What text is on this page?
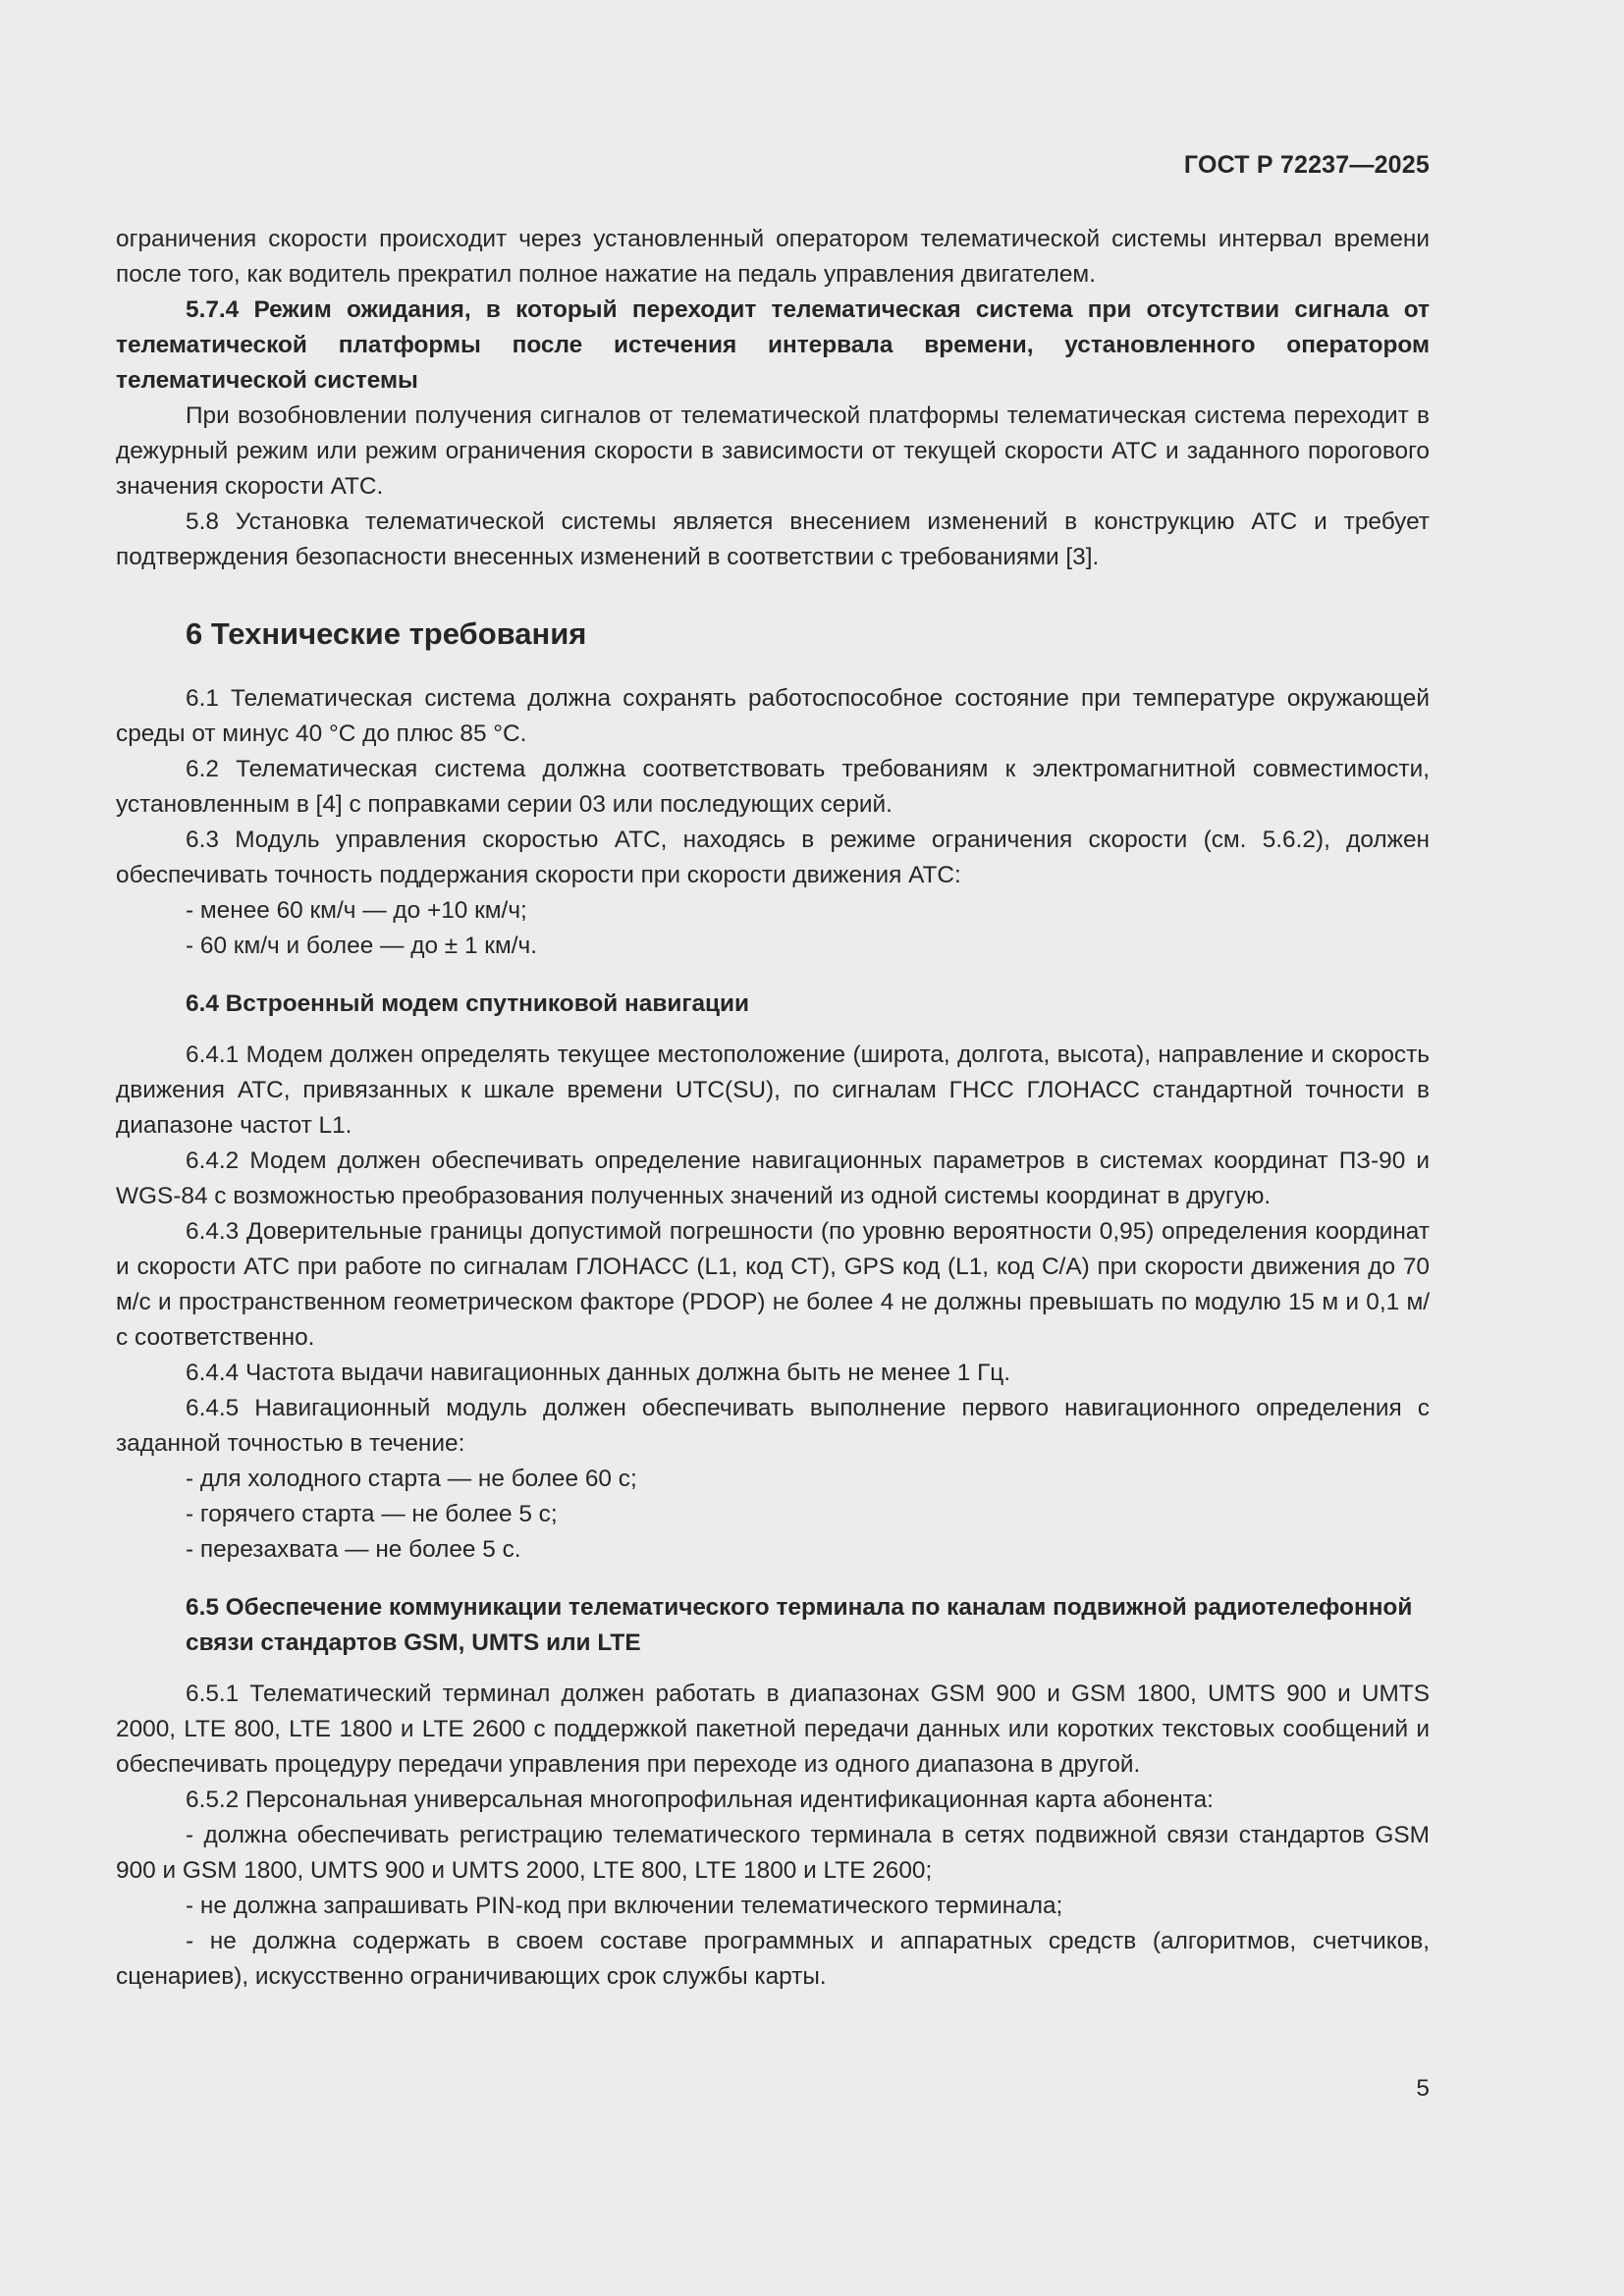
ГОСТ Р 72237—2025

ограничения скорости происходит через установленный оператором телематической системы интервал времени после того, как водитель прекратил полное нажатие на педаль управления двигателем.

5.7.4 Режим ожидания, в который переходит телематическая система при отсутствии сигнала от телематической платформы после истечения интервала времени, установленного оператором телематической системы

При возобновлении получения сигналов от телематической платформы телематическая система переходит в дежурный режим или режим ограничения скорости в зависимости от текущей скорости АТС и заданного порогового значения скорости АТС.

5.8 Установка телематической системы является внесением изменений в конструкцию АТС и требует подтверждения безопасности внесенных изменений в соответствии с требованиями [3].

6 Технические требования

6.1 Телематическая система должна сохранять работоспособное состояние при температуре окружающей среды от минус 40 °С до плюс 85 °С.

6.2 Телематическая система должна соответствовать требованиям к электромагнитной совместимости, установленным в [4] с поправками серии 03 или последующих серий.

6.3 Модуль управления скоростью АТС, находясь в режиме ограничения скорости (см. 5.6.2), должен обеспечивать точность поддержания скорости при скорости движения АТС:

- менее 60 км/ч — до +10 км/ч;

- 60 км/ч и более — до ± 1 км/ч.

6.4 Встроенный модем спутниковой навигации

6.4.1 Модем должен определять текущее местоположение (широта, долгота, высота), направление и скорость движения АТС, привязанных к шкале времени UTC(SU), по сигналам ГНСС ГЛОНАСС стандартной точности в диапазоне частот L1.

6.4.2 Модем должен обеспечивать определение навигационных параметров в системах координат ПЗ-90 и WGS-84 с возможностью преобразования полученных значений из одной системы координат в другую.

6.4.3 Доверительные границы допустимой погрешности (по уровню вероятности 0,95) определения координат и скорости АТС при работе по сигналам ГЛОНАСС (L1, код СТ), GPS код (L1, код С/А) при скорости движения до 70 м/с и пространственном геометрическом факторе (PDOP) не более 4 не должны превышать по модулю 15 м и 0,1 м/с соответственно.

6.4.4 Частота выдачи навигационных данных должна быть не менее 1 Гц.

6.4.5 Навигационный модуль должен обеспечивать выполнение первого навигационного определения с заданной точностью в течение:

- для холодного старта — не более 60 с;

- горячего старта — не более 5 с;

- перезахвата — не более 5 с.

6.5 Обеспечение коммуникации телематического терминала по каналам подвижной радиотелефонной связи стандартов GSM, UMTS или LTE

6.5.1 Телематический терминал должен работать в диапазонах GSM 900 и GSM 1800, UMTS 900 и UMTS 2000, LTE 800, LTE 1800 и LTE 2600 с поддержкой пакетной передачи данных или коротких текстовых сообщений и обеспечивать процедуру передачи управления при переходе из одного диапазона в другой.

6.5.2 Персональная универсальная многопрофильная идентификационная карта абонента:

- должна обеспечивать регистрацию телематического терминала в сетях подвижной связи стандартов GSM 900 и GSM 1800, UMTS 900 и UMTS 2000, LTE 800, LTE 1800 и LTE 2600;

- не должна запрашивать PIN-код при включении телематического терминала;

- не должна содержать в своем составе программных и аппаратных средств (алгоритмов, счетчиков, сценариев), искусственно ограничивающих срок службы карты.

5
